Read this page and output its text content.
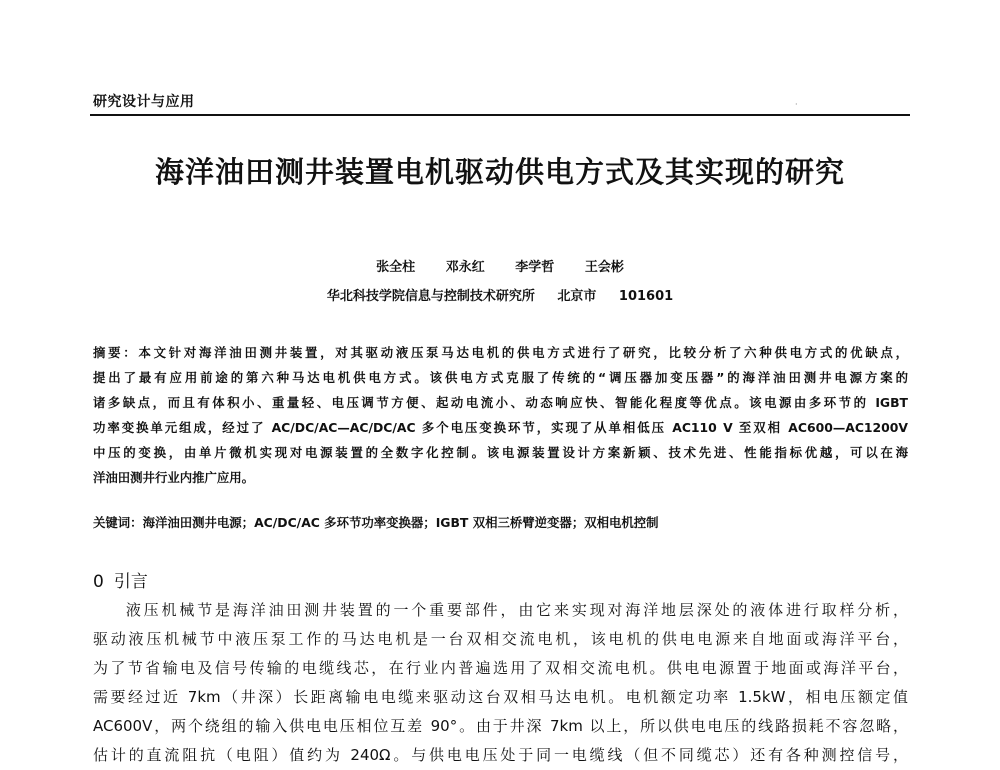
研究设计与应用	·
海洋油田测井装置电机驱动供电方式及其实现的研究
张全柱 邓永红 李学哲 王会彬
华北科技学院信息与控制技术研究所 北京市 101601

摘要：本文针对海洋油田测井装置，对其驱动液压泵马达电机的供电方式进行了研究，比较分析了六种供电方式的优缺点，

提出了最有应用前途的第六种马达电机供电方式。该供电方式克服了传统的“调压器加变压器”的海洋油田测井电源方案的

诸多缺点，而且有体积小、重量轻、电压调节方便、起动电流小、动态响应快、智能化程度等优点。该电源由多环节的 IGBT

功率变换单元组成，经过了 AC/DC/AC—AC/DC/AC 多个电压变换环节，实现了从单相低压 AC110 V 至双相 AC600—AC1200V

中压的变换，由单片微机实现对电源装置的全数字化控制。该电源装置设计方案新颖、技术先进、性能指标优越，可以在海

洋油田测井行业内推广应用。

关键词：海洋油田测井电源；AC/DC/AC 多环节功率变换器；IGBT 双相三桥臂逆变器；双相电机控制
0 引言

液压机械节是海洋油田测井装置的一个重要部件，由它来实现对海洋地层深处的液体进行取样分析，

驱动液压机械节中液压泵工作的马达电机是一台双相交流电机，该电机的供电电源来自地面或海洋平台，

为了节省输电及信号传输的电缆线芯，在行业内普遍选用了双相交流电机。供电电源置于地面或海洋平台，

需要经过近 7km（井深）长距离输电电缆来驱动这台双相马达电机。电机额定功率 1.5kW，相电压额定值

AC600V，两个绕组的输入供电电压相位互差 90°。由于井深 7km 以上，所以供电电压的线路损耗不容忽略，

估计的直流阻抗（电阻）值约为 240Ω。与供电电压处于同一电缆线（但不同缆芯）还有各种测控信号，
